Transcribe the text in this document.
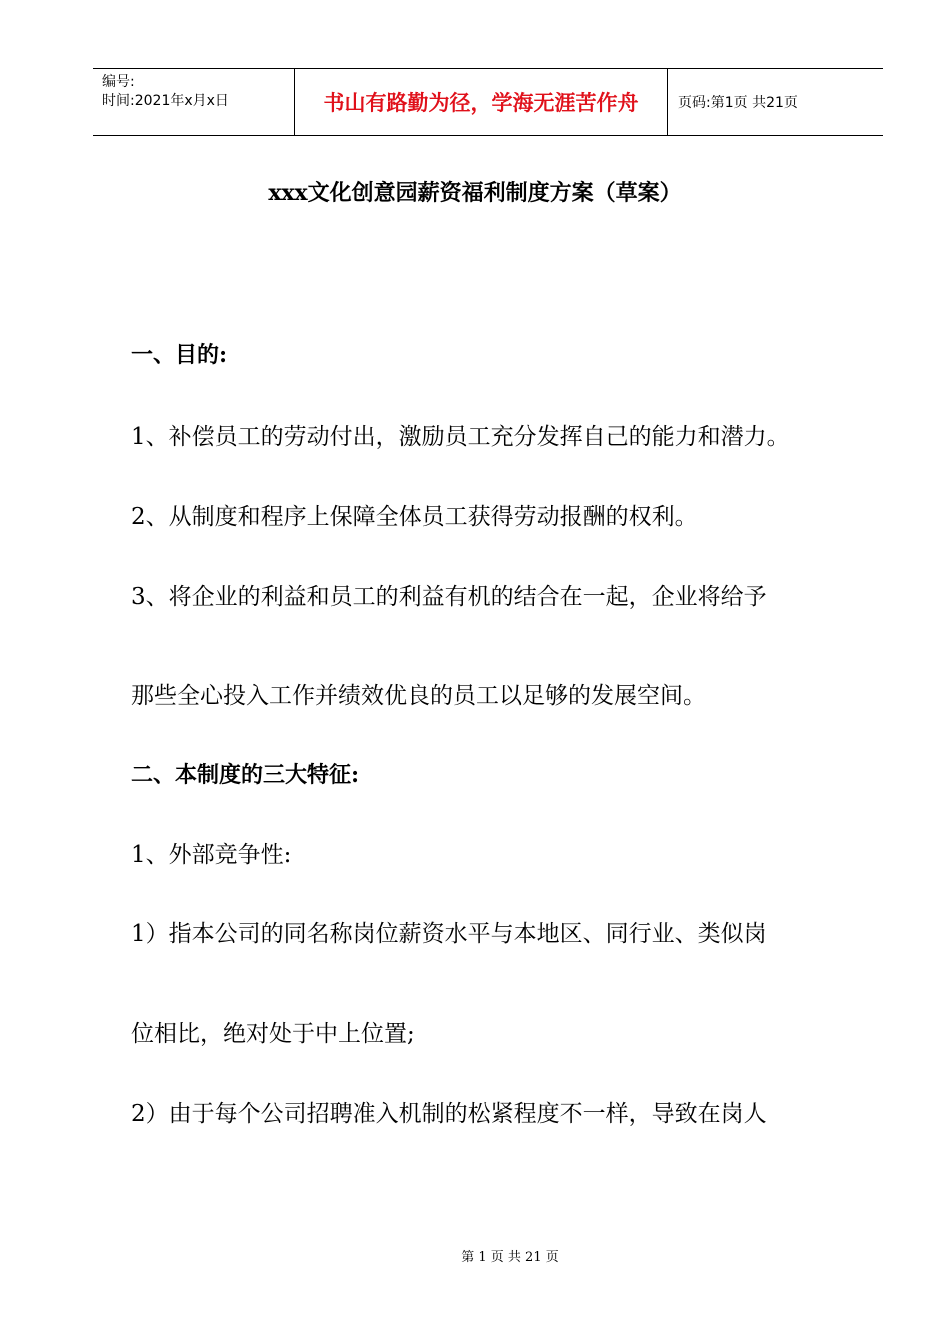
编号:
时间:2021年x月x日	书山有路勤为径，学海无涯苦作舟	页码:第1页 共21页
xxx文化创意园薪资福利制度方案（草案）
一、目的:
1、补偿员工的劳动付出，激励员工充分发挥自己的能力和潜力。
2、从制度和程序上保障全体员工获得劳动报酬的权利。
3、将企业的利益和员工的利益有机的结合在一起，企业将给予
那些全心投入工作并绩效优良的员工以足够的发展空间。
二、本制度的三大特征:
1、外部竞争性:
1）指本公司的同名称岗位薪资水平与本地区、同行业、类似岗
位相比，绝对处于中上位置;
2）由于每个公司招聘准入机制的松紧程度不一样，导致在岗人
第 1 页 共 21 页
